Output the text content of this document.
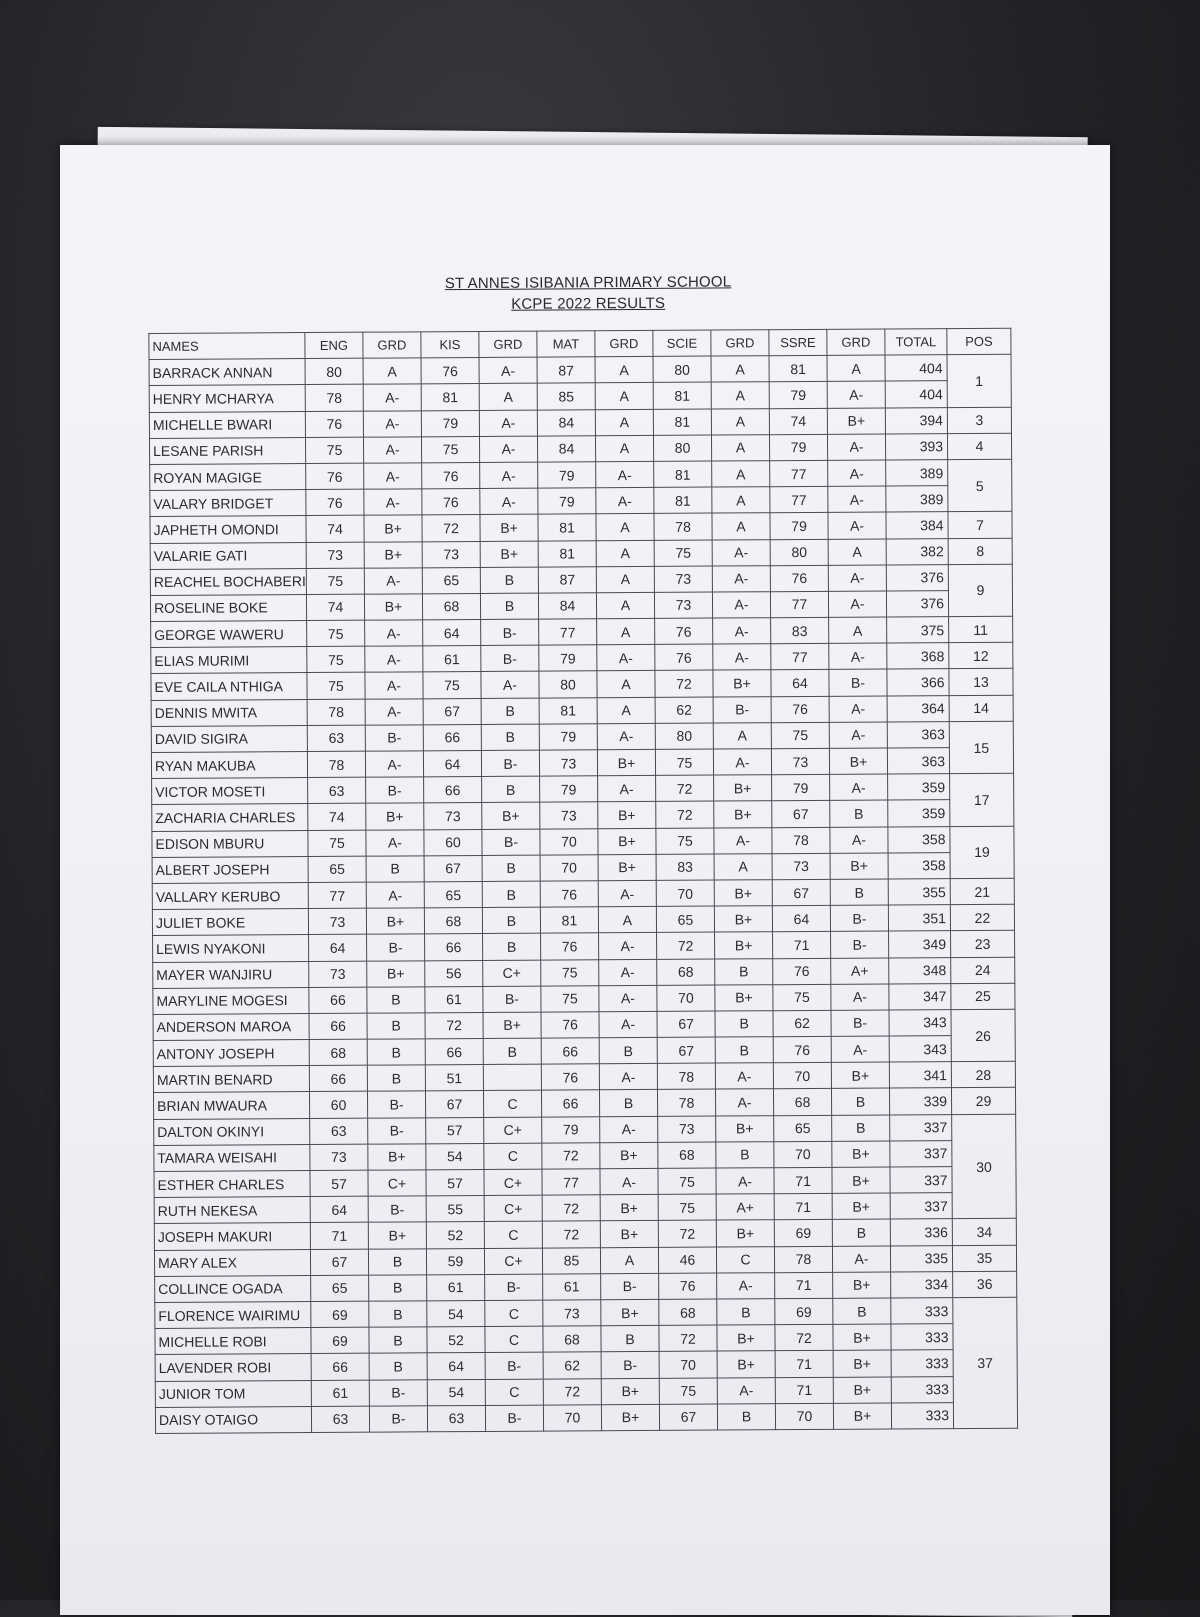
ST ANNES ISIBANIA PRIMARY SCHOOL
KCPE 2022 RESULTS
NAMES	ENG	GRD	KIS	GRD	MAT	GRD	SCIE	GRD	SSRE	GRD	TOTAL	POS
BARRACK ANNAN	80	A	76	A-	87	A	80	A	81	A	404	1
HENRY MCHARYA	78	A-	81	A	85	A	81	A	79	A-	404	
MICHELLE BWARI	76	A-	79	A-	84	A	81	A	74	B+	394	3
LESANE PARISH	75	A-	75	A-	84	A	80	A	79	A-	393	4
ROYAN MAGIGE	76	A-	76	A-	79	A-	81	A	77	A-	389	5
VALARY BRIDGET	76	A-	76	A-	79	A-	81	A	77	A-	389	
JAPHETH OMONDI	74	B+	72	B+	81	A	78	A	79	A-	384	7
VALARIE GATI	73	B+	73	B+	81	A	75	A-	80	A	382	8
REACHEL BOCHABERI	75	A-	65	B	87	A	73	A-	76	A-	376	9
ROSELINE BOKE	74	B+	68	B	84	A	73	A-	77	A-	376	
GEORGE WAWERU	75	A-	64	B-	77	A	76	A-	83	A	375	11
ELIAS MURIMI	75	A-	61	B-	79	A-	76	A-	77	A-	368	12
EVE CAILA NTHIGA	75	A-	75	A-	80	A	72	B+	64	B-	366	13
DENNIS MWITA	78	A-	67	B	81	A	62	B-	76	A-	364	14
DAVID SIGIRA	63	B-	66	B	79	A-	80	A	75	A-	363	15
RYAN MAKUBA	78	A-	64	B-	73	B+	75	A-	73	B+	363	
VICTOR MOSETI	63	B-	66	B	79	A-	72	B+	79	A-	359	17
ZACHARIA CHARLES	74	B+	73	B+	73	B+	72	B+	67	B	359	
EDISON MBURU	75	A-	60	B-	70	B+	75	A-	78	A-	358	19
ALBERT JOSEPH	65	B	67	B	70	B+	83	A	73	B+	358	
VALLARY KERUBO	77	A-	65	B	76	A-	70	B+	67	B	355	21
JULIET BOKE	73	B+	68	B	81	A	65	B+	64	B-	351	22
LEWIS NYAKONI	64	B-	66	B	76	A-	72	B+	71	B-	349	23
MAYER WANJIRU	73	B+	56	C+	75	A-	68	B	76	A+	348	24
MARYLINE MOGESI	66	B	61	B-	75	A-	70	B+	75	A-	347	25
ANDERSON MAROA	66	B	72	B+	76	A-	67	B	62	B-	343	26
ANTONY JOSEPH	68	B	66	B	66	B	67	B	76	A-	343	
MARTIN BENARD	66	B	51		76	A-	78	A-	70	B+	341	28
BRIAN MWAURA	60	B-	67	C	66	B	78	A-	68	B	339	29
DALTON OKINYI	63	B-	57	C+	79	A-	73	B+	65	B	337	30
TAMARA WEISAHI	73	B+	54	C	72	B+	68	B	70	B+	337	
ESTHER CHARLES	57	C+	57	C+	77	A-	75	A-	71	B+	337	
RUTH NEKESA	64	B-	55	C+	72	B+	75	A+	71	B+	337	
JOSEPH MAKURI	71	B+	52	C	72	B+	72	B+	69	B	336	34
MARY ALEX	67	B	59	C+	85	A	46	C	78	A-	335	35
COLLINCE OGADA	65	B	61	B-	61	B-	76	A-	71	B+	334	36
FLORENCE WAIRIMU	69	B	54	C	73	B+	68	B	69	B	333	37
MICHELLE ROBI	69	B	52	C	68	B	72	B+	72	B+	333	
LAVENDER ROBI	66	B	64	B-	62	B-	70	B+	71	B+	333	
JUNIOR TOM	61	B-	54	C	72	B+	75	A-	71	B+	333	
DAISY OTAIGO	63	B-	63	B-	70	B+	67	B	70	B+	333	
